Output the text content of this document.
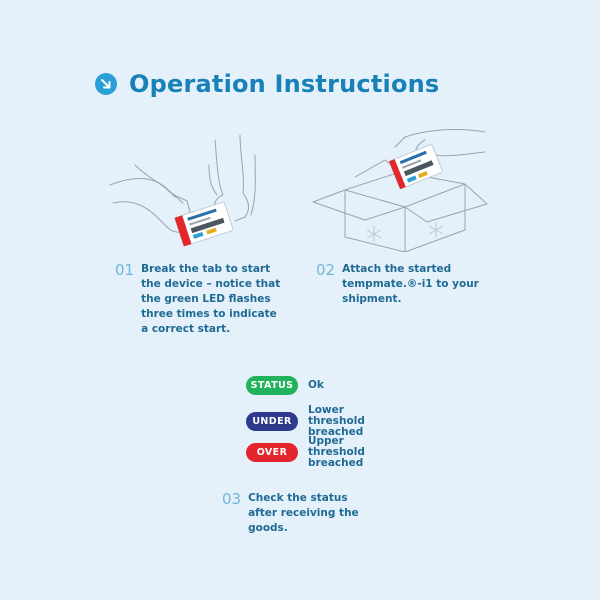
Operation Instructions
01 Break the tab to start the device – notice that the green LED flashes three times to indicate a correct start.
02 Attach the started tempmate.®-i1 to your shipment.
STATUS	Ok
UNDER
Lower threshold breached
OVER
Upper threshold breached
03 Check the status after receiving the goods.
